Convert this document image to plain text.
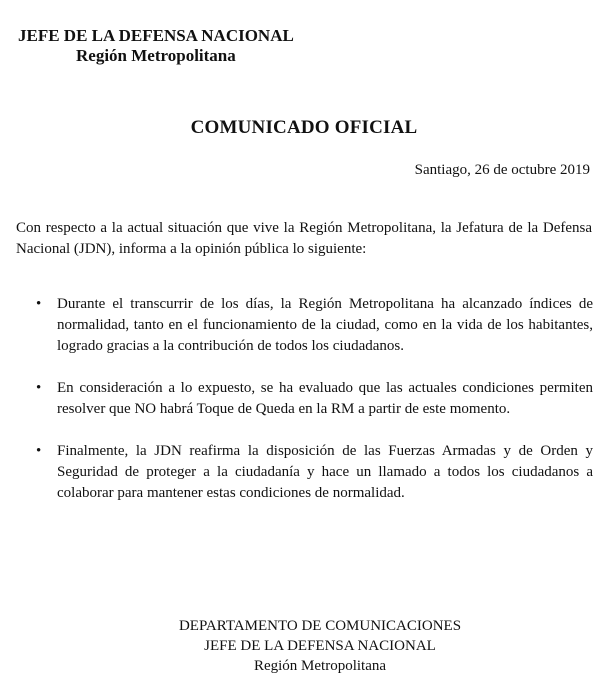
JEFE DE LA DEFENSA NACIONAL
Región Metropolitana
COMUNICADO OFICIAL
Santiago, 26 de octubre 2019
Con respecto a la actual situación que vive la Región Metropolitana, la Jefatura de la Defensa Nacional (JDN), informa a la opinión pública lo siguiente:
• Durante el transcurrir de los días, la Región Metropolitana ha alcanzado índices de normalidad, tanto en el funcionamiento de la ciudad, como en la vida de los habitantes, logrado gracias a la contribución de todos los ciudadanos.
• En consideración a lo expuesto, se ha evaluado que las actuales condiciones permiten resolver que NO habrá Toque de Queda en la RM a partir de este momento.
• Finalmente, la JDN reafirma la disposición de las Fuerzas Armadas y de Orden y Seguridad de proteger a la ciudadanía y hace un llamado a todos los ciudadanos a colaborar para mantener estas condiciones de normalidad.
DEPARTAMENTO DE COMUNICACIONES
JEFE DE LA DEFENSA NACIONAL
Región Metropolitana
